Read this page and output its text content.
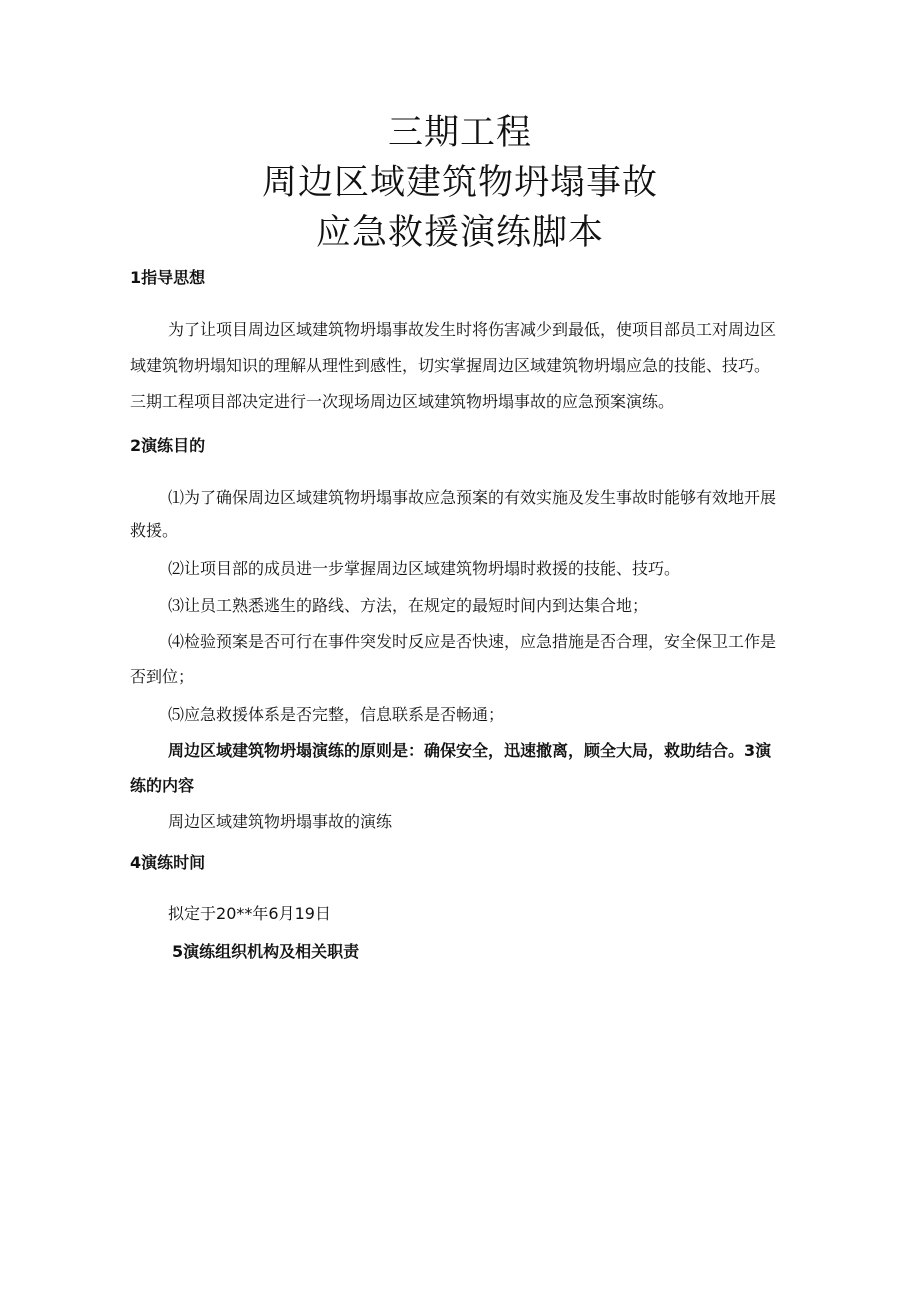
三期工程
周边区域建筑物坍塌事故
应急救援演练脚本
1指导思想
为了让项目周边区域建筑物坍塌事故发生时将伤害减少到最低，使项目部员工对周边区
域建筑物坍塌知识的理解从理性到感性，切实掌握周边区域建筑物坍塌应急的技能、技巧。
三期工程项目部决定进行一次现场周边区域建筑物坍塌事故的应急预案演练。
2演练目的
⑴为了确保周边区域建筑物坍塌事故应急预案的有效实施及发生事故时能够有效地开展
救援。
⑵让项目部的成员进一步掌握周边区域建筑物坍塌时救援的技能、技巧。
⑶让员工熟悉逃生的路线、方法，在规定的最短时间内到达集合地；
⑷检验预案是否可行在事件突发时反应是否快速，应急措施是否合理，安全保卫工作是
否到位；
⑸应急救援体系是否完整，信息联系是否畅通；
周边区域建筑物坍塌演练的原则是：确保安全，迅速撤离，顾全大局，救助结合。3演
练的内容
周边区域建筑物坍塌事故的演练
4演练时间
拟定于20**年6月19日
5演练组织机构及相关职责
